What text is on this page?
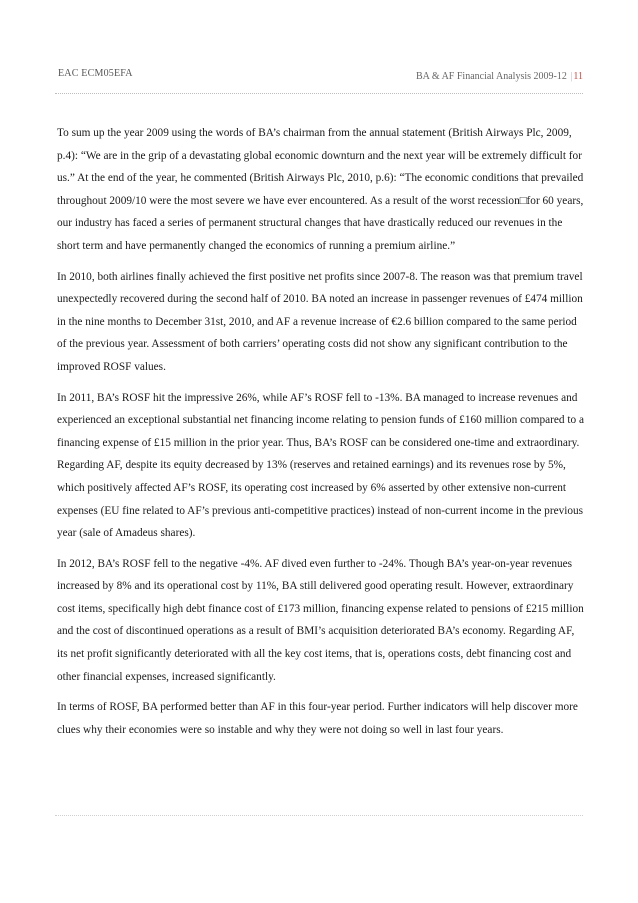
EAC ECM05EFA	BA & AF Financial Analysis 2009-12 |11

To sum up the year 2009 using the words of BA’s chairman from the annual statement (British Airways Plc, 2009, p.4): “We are in the grip of a devastating global economic downturn and the next year will be extremely difficult for us.” At the end of the year, he commented (British Airways Plc, 2010, p.6): “The economic conditions that prevailed throughout 2009/10 were the most severe we have ever encountered. As a result of the worst recession□for 60 years, our industry has faced a series of permanent structural changes that have drastically reduced our revenues in the short term and have permanently changed the economics of running a premium airline.”

In 2010, both airlines finally achieved the first positive net profits since 2007-8. The reason was that premium travel unexpectedly recovered during the second half of 2010. BA noted an increase in passenger revenues of £474 million in the nine months to December 31st, 2010, and AF a revenue increase of €2.6 billion compared to the same period of the previous year. Assessment of both carriers’ operating costs did not show any significant contribution to the improved ROSF values.

In 2011, BA’s ROSF hit the impressive 26%, while AF’s ROSF fell to -13%. BA managed to increase revenues and experienced an exceptional substantial net financing income relating to pension funds of £160 million compared to a financing expense of £15 million in the prior year. Thus, BA’s ROSF can be considered one-time and extraordinary. Regarding AF, despite its equity decreased by 13% (reserves and retained earnings) and its revenues rose by 5%, which positively affected AF’s ROSF, its operating cost increased by 6% asserted by other extensive non-current expenses (EU fine related to AF’s previous anti-competitive practices) instead of non-current income in the previous year (sale of Amadeus shares).

In 2012, BA’s ROSF fell to the negative -4%. AF dived even further to -24%. Though BA’s year-on-year revenues increased by 8% and its operational cost by 11%, BA still delivered good operating result. However, extraordinary cost items, specifically high debt finance cost of £173 million, financing expense related to pensions of £215 million and the cost of discontinued operations as a result of BMI’s acquisition deteriorated BA’s economy. Regarding AF, its net profit significantly deteriorated with all the key cost items, that is, operations costs, debt financing cost and other financial expenses, increased significantly.

In terms of ROSF, BA performed better than AF in this four-year period. Further indicators will help discover more clues why their economies were so instable and why they were not doing so well in last four years.
